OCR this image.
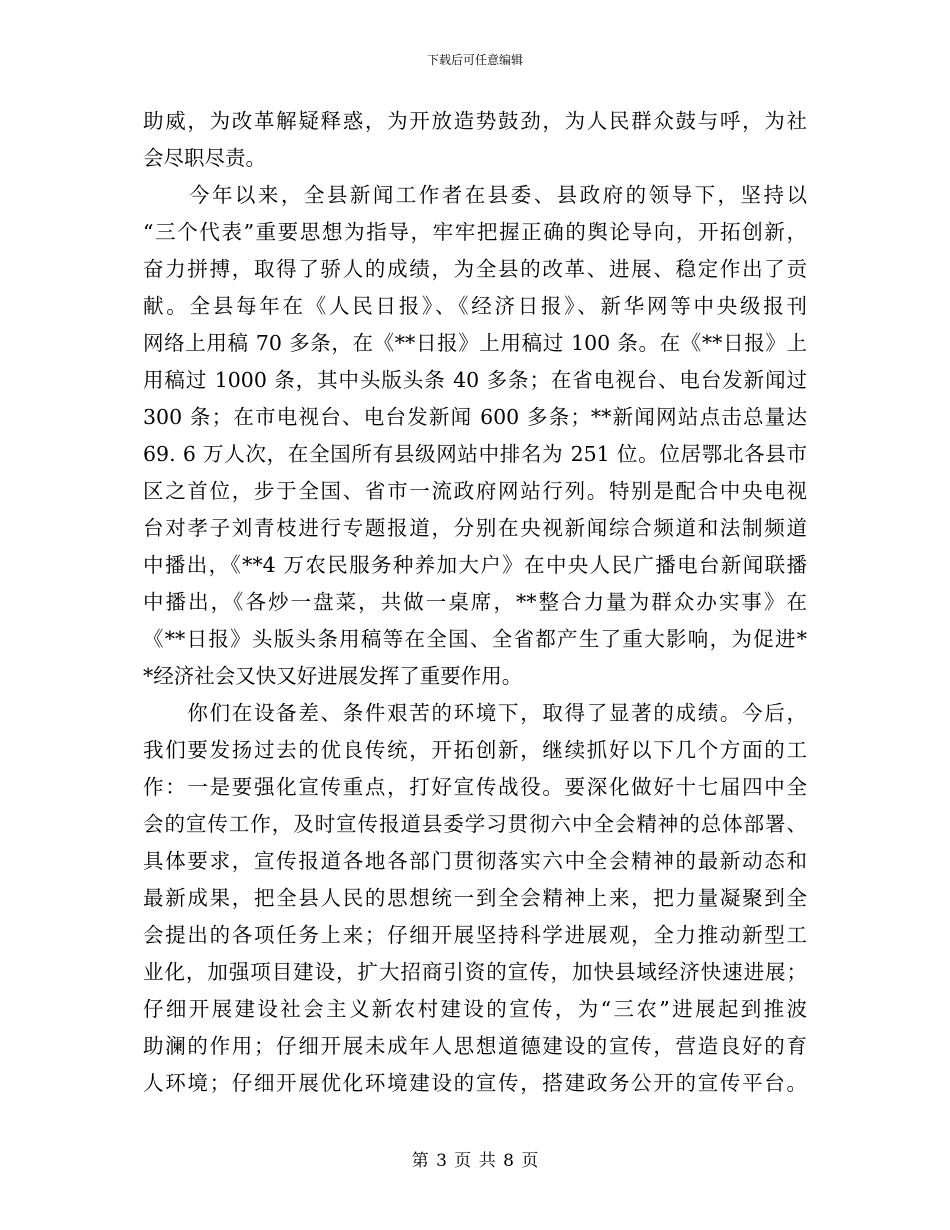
下载后可任意编辑
助威，为改革解疑释惑，为开放造势鼓劲，为人民群众鼓与呼，为社
会尽职尽责。
　　今年以来，全县新闻工作者在县委、县政府的领导下，坚持以
“三个代表”重要思想为指导，牢牢把握正确的舆论导向，开拓创新，
奋力拼搏，取得了骄人的成绩，为全县的改革、进展、稳定作出了贡
献。全县每年在《人民日报》、《经济日报》、新华网等中央级报刊
网络上用稿 70 多条，在《**日报》上用稿过 100 条。在《**日报》上
用稿过 1000 条，其中头版头条 40 多条；在省电视台、电台发新闻过
300 条；在市电视台、电台发新闻 600 多条；**新闻网站点击总量达
69. 6 万人次，在全国所有县级网站中排名为 251 位。位居鄂北各县市
区之首位，步于全国、省市一流政府网站行列。特别是配合中央电视
台对孝子刘青枝进行专题报道，分别在央视新闻综合频道和法制频道
中播出，《**4 万农民服务种养加大户》在中央人民广播电台新闻联播
中播出，《各炒一盘菜，共做一桌席，**整合力量为群众办实事》在
《**日报》头版头条用稿等在全国、全省都产生了重大影响，为促进*
*经济社会又快又好进展发挥了重要作用。
　　你们在设备差、条件艰苦的环境下，取得了显著的成绩。今后，
我们要发扬过去的优良传统，开拓创新，继续抓好以下几个方面的工
作：一是要强化宣传重点，打好宣传战役。要深化做好十七届四中全
会的宣传工作，及时宣传报道县委学习贯彻六中全会精神的总体部署、
具体要求，宣传报道各地各部门贯彻落实六中全会精神的最新动态和
最新成果，把全县人民的思想统一到全会精神上来，把力量凝聚到全
会提出的各项任务上来；仔细开展坚持科学进展观，全力推动新型工
业化，加强项目建设，扩大招商引资的宣传，加快县域经济快速进展；
仔细开展建设社会主义新农村建设的宣传，为“三农”进展起到推波
助澜的作用；仔细开展未成年人思想道德建设的宣传，营造良好的育
人环境；仔细开展优化环境建设的宣传，搭建政务公开的宣传平台。
第 3 页 共 8 页
